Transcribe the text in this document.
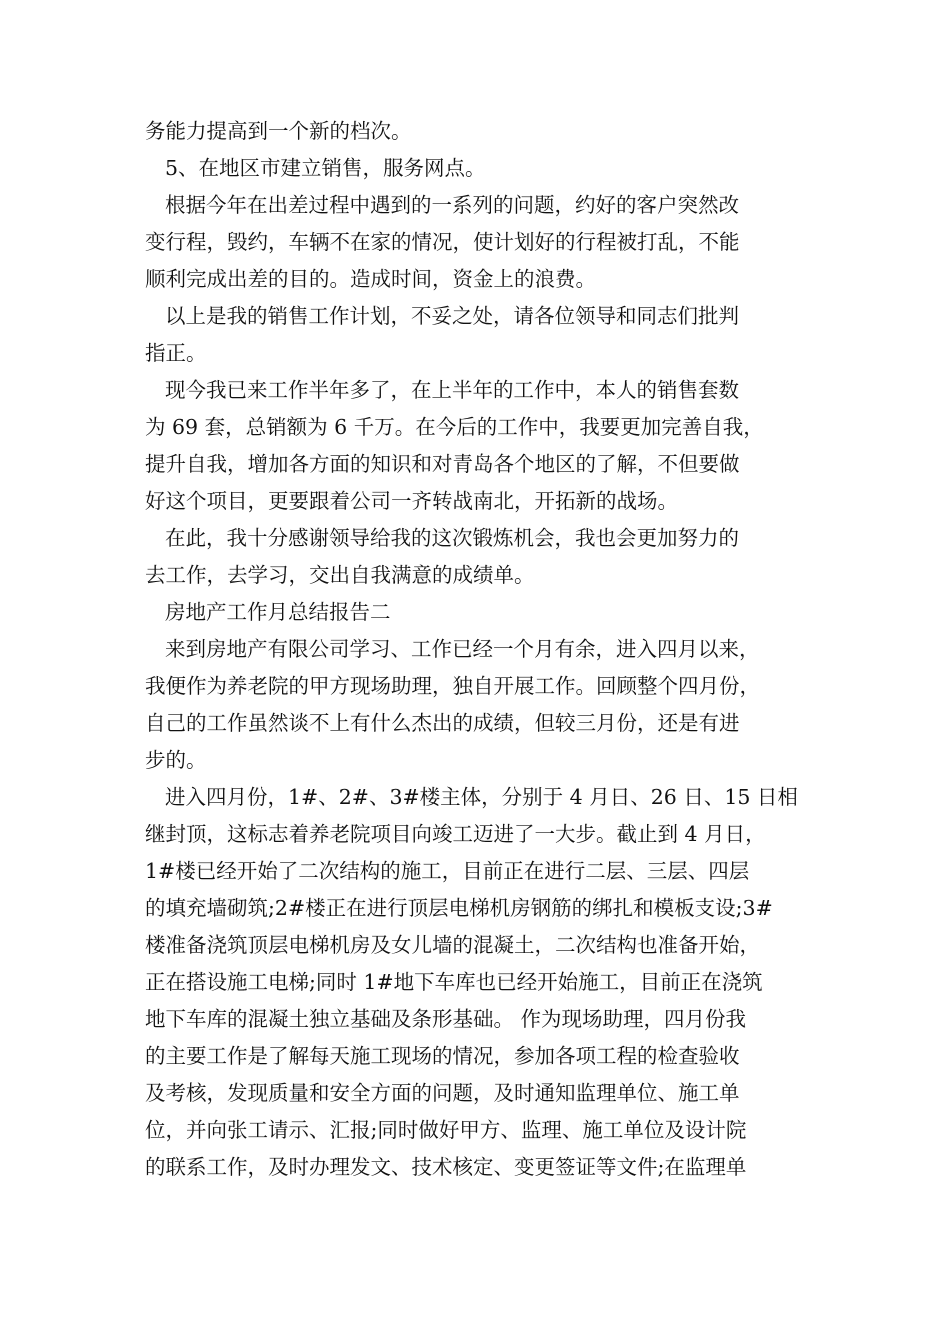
务能力提高到一个新的档次。
5、在地区市建立销售，服务网点。
根据今年在出差过程中遇到的一系列的问题，约好的客户突然改
变行程，毁约，车辆不在家的情况，使计划好的行程被打乱，不能
顺利完成出差的目的。造成时间，资金上的浪费。
以上是我的销售工作计划，不妥之处，请各位领导和同志们批判
指正。
现今我已来工作半年多了，在上半年的工作中，本人的销售套数
为 69 套，总销额为 6 千万。在今后的工作中，我要更加完善自我，
提升自我，增加各方面的知识和对青岛各个地区的了解，不但要做
好这个项目，更要跟着公司一齐转战南北，开拓新的战场。
在此，我十分感谢领导给我的这次锻炼机会，我也会更加努力的
去工作，去学习，交出自我满意的成绩单。
房地产工作月总结报告二
来到房地产有限公司学习、工作已经一个月有余，进入四月以来，
我便作为养老院的甲方现场助理，独自开展工作。回顾整个四月份，
自己的工作虽然谈不上有什么杰出的成绩，但较三月份，还是有进
步的。
进入四月份，1#、2#、3#楼主体，分别于 4 月日、26 日、15 日相
继封顶，这标志着养老院项目向竣工迈进了一大步。截止到 4 月日，
1#楼已经开始了二次结构的施工，目前正在进行二层、三层、四层
的填充墙砌筑;2#楼正在进行顶层电梯机房钢筋的绑扎和模板支设;3#
楼准备浇筑顶层电梯机房及女儿墙的混凝土，二次结构也准备开始，
正在搭设施工电梯;同时 1#地下车库也已经开始施工，目前正在浇筑
地下车库的混凝土独立基础及条形基础。 作为现场助理，四月份我
的主要工作是了解每天施工现场的情况，参加各项工程的检查验收
及考核，发现质量和安全方面的问题，及时通知监理单位、施工单
位，并向张工请示、汇报;同时做好甲方、监理、施工单位及设计院
的联系工作，及时办理发文、技术核定、变更签证等文件;在监理单
